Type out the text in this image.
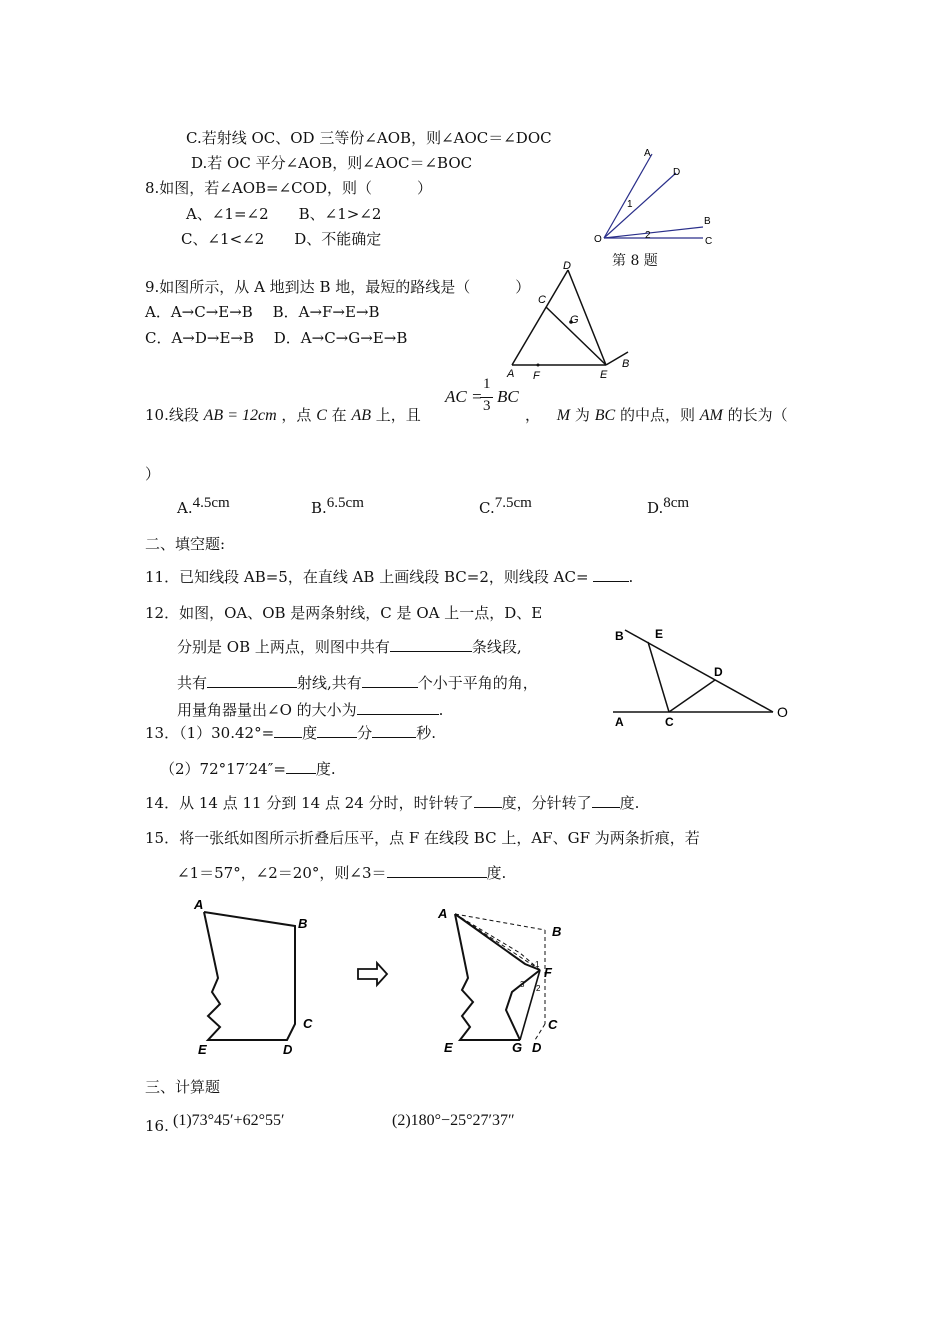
C.若射线 OC、OD 三等份∠AOB，则∠AOC＝∠DOC
D.若 OC 平分∠AOB，则∠AOC＝∠BOC
8.如图，若∠AOB=∠COD，则（　　　）
A、∠1=∠2　　B、∠1>∠2
C、∠1<∠2　　D、不能确定
A
D
B
C
O
1
2
第 8 题
9.如图所示，从 A 地到达 B 地，最短的路线是（　　　）
A．A→C→E→B　 B．A→F→E→B
C．A→D→E→B　 D．A→C→G→E→B
A F	E
B
C
D
G
10.线段 AB = 12cm ，点 C 在 AB 上，且
AC =
1
3 BC
， M 为 BC 的中点，则 AM 的长为（
）
A.4.5cm	B.6.5cm	C.7.5cm	D.8cm
二、填空题:
11．已知线段 AB=5，在直线 AB 上画线段 BC=2，则线段 AC=	.
12．如图，OA、OB 是两条射线，C 是 OA 上一点，D、E
分别是 OB 上两点，则图中共有	条线段,
共有	射线,共有	个小于平角的角，
用量角器量出∠O 的大小为	.
B	E
D
A	C
O
13．（1）30.42°= 度	分	秒.
（2）72°17′24″= 度.
14．从 14 点 11 分到 14 点 24 分时，时针转了 度，分针转了 度.
15．将一张纸如图所示折叠后压平，点 F 在线段 BC 上，AF、GF 为两条折痕，若
∠1＝57°，∠2＝20°，则∠3＝	度.
A
B
C
D
E
A
B
F
C
D
G
E
1
2
3
三、计算题
16. (1)73°45′+62°55′	(2)180°−25°27′37″
